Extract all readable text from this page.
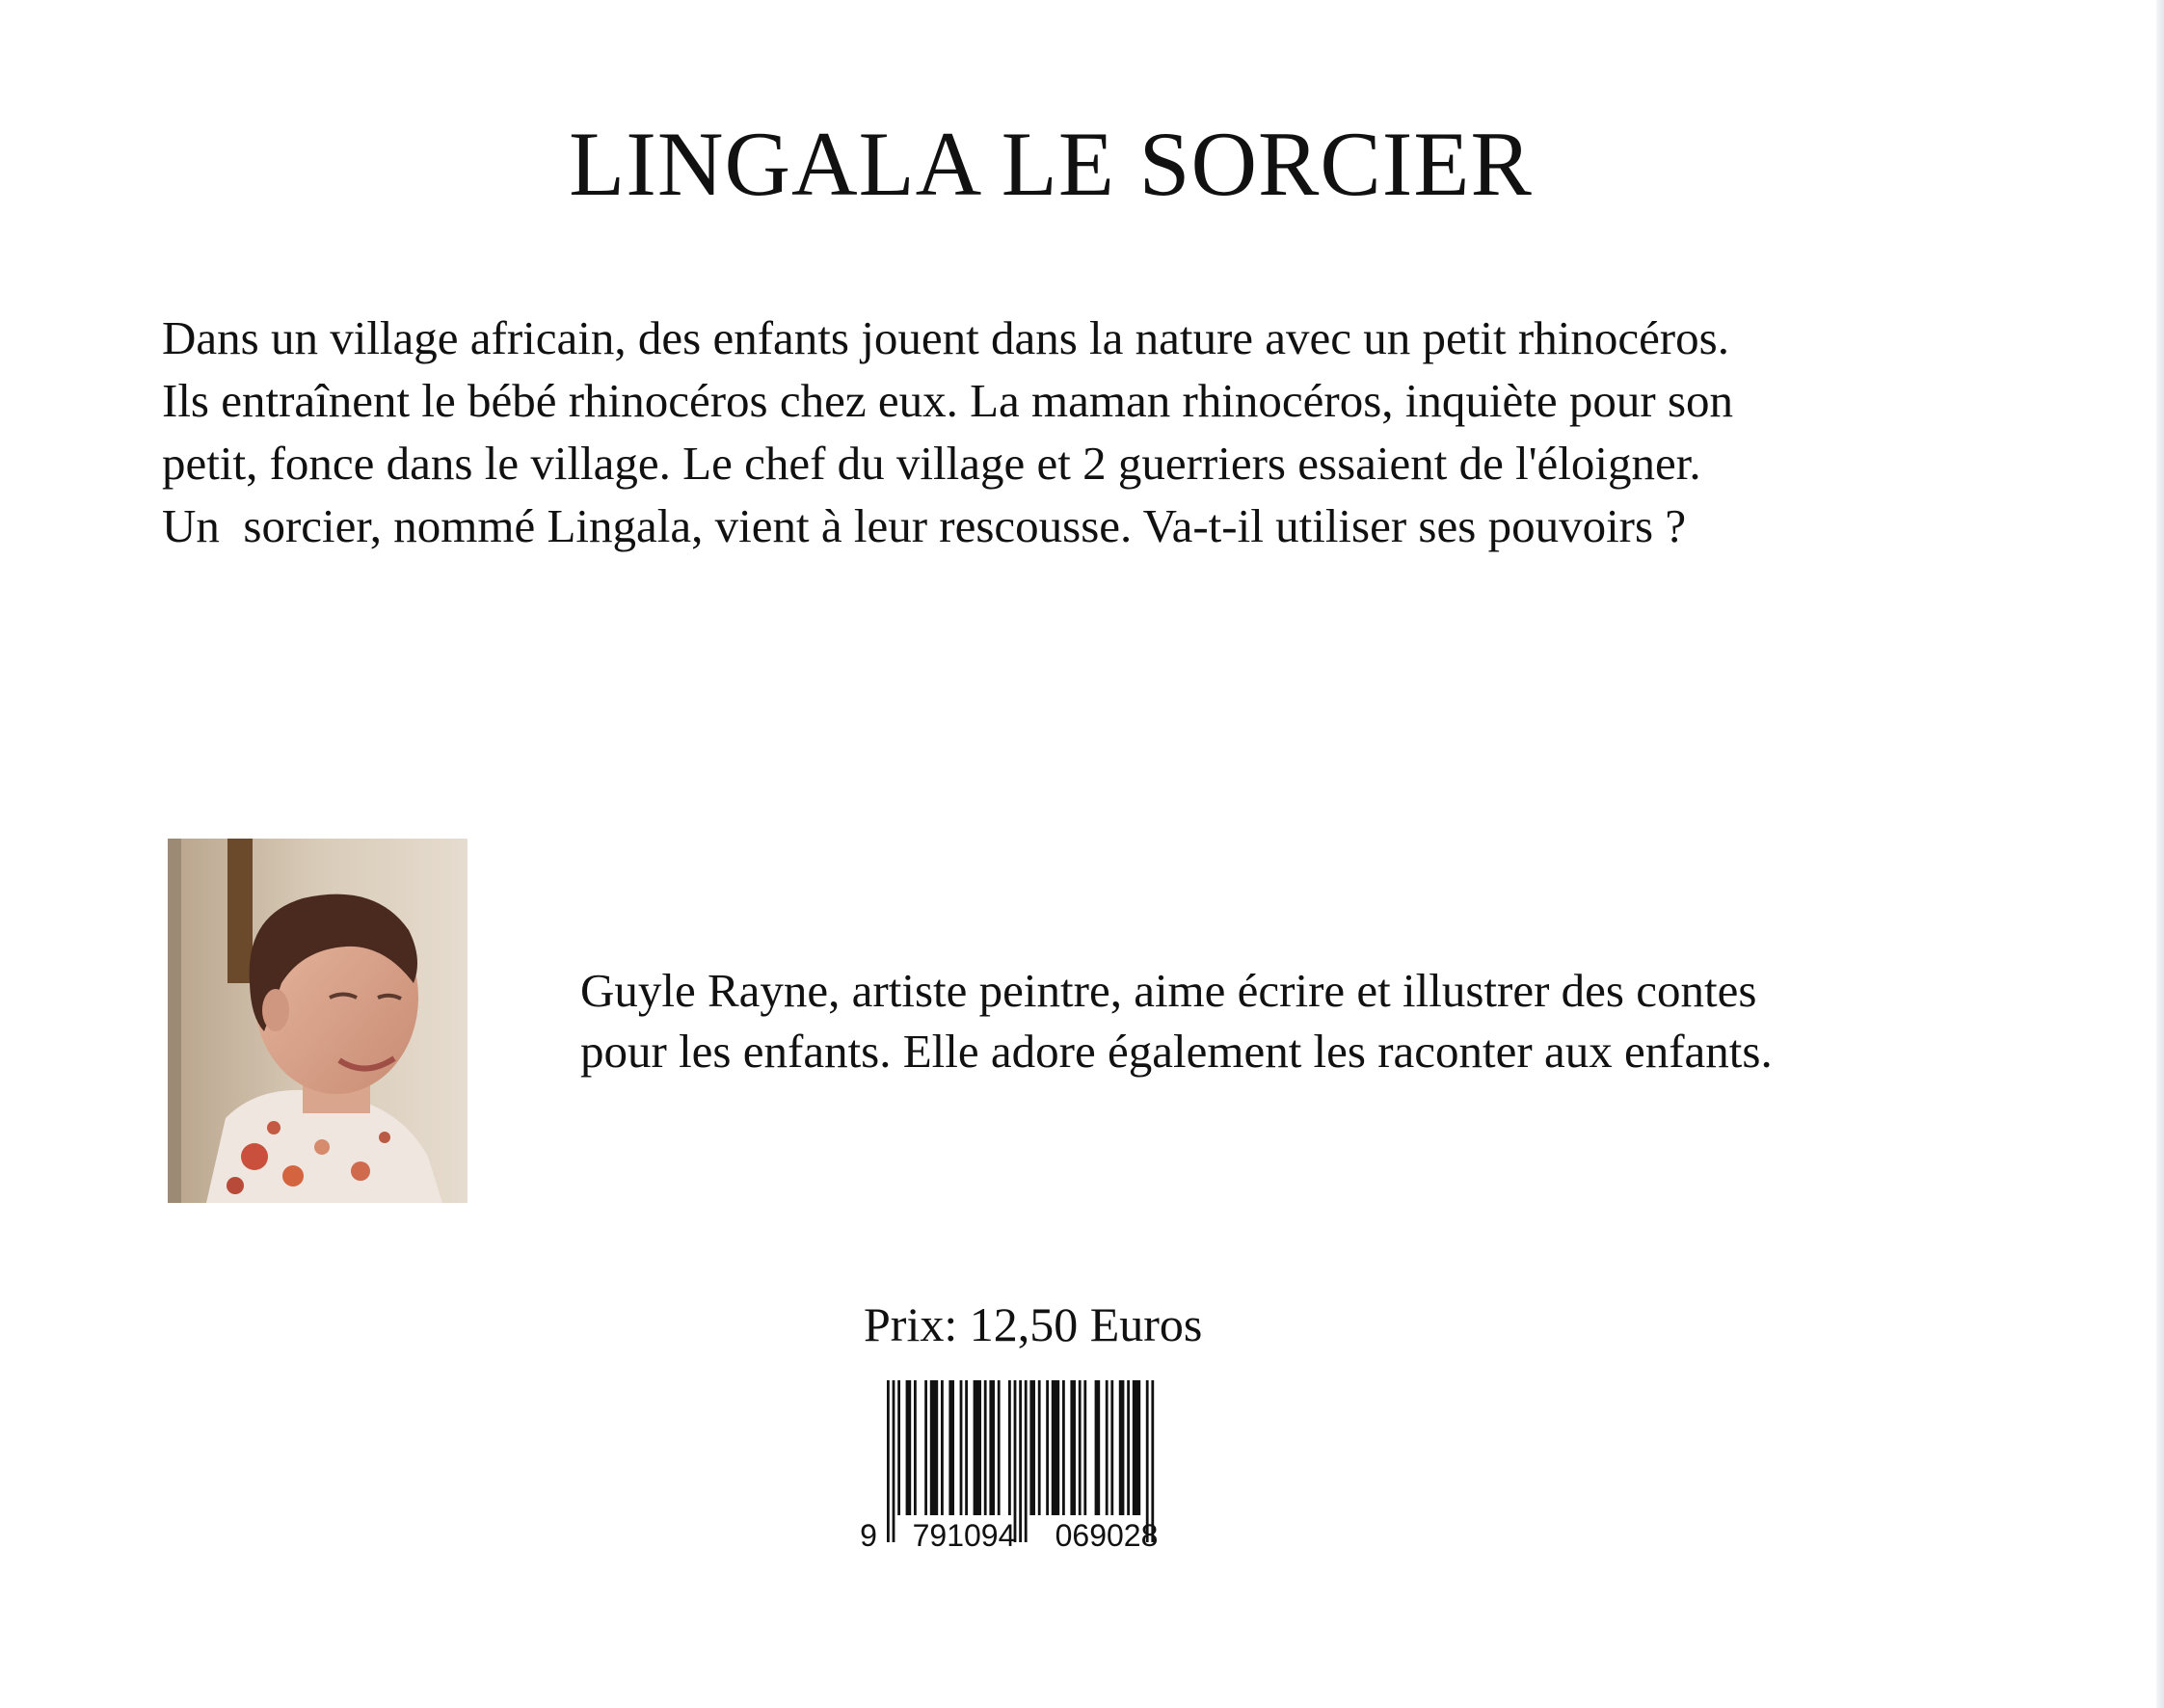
LINGALA LE SORCIER
Dans un village africain, des enfants jouent dans la nature avec un petit rhinocéros.
Ils entraînent le bébé rhinocéros chez eux. La maman rhinocéros, inquiète pour son
petit, fonce dans le village. Le chef du village et 2 guerriers essaient de l'éloigner.
Un  sorcier, nommé Lingala, vient à leur rescousse. Va-t-il utiliser ses pouvoirs ?
Guyle Rayne, artiste peintre, aime écrire et illustrer des contes
pour les enfants. Elle adore également les raconter aux enfants.
Prix: 12,50 Euros
9 791094 069028
